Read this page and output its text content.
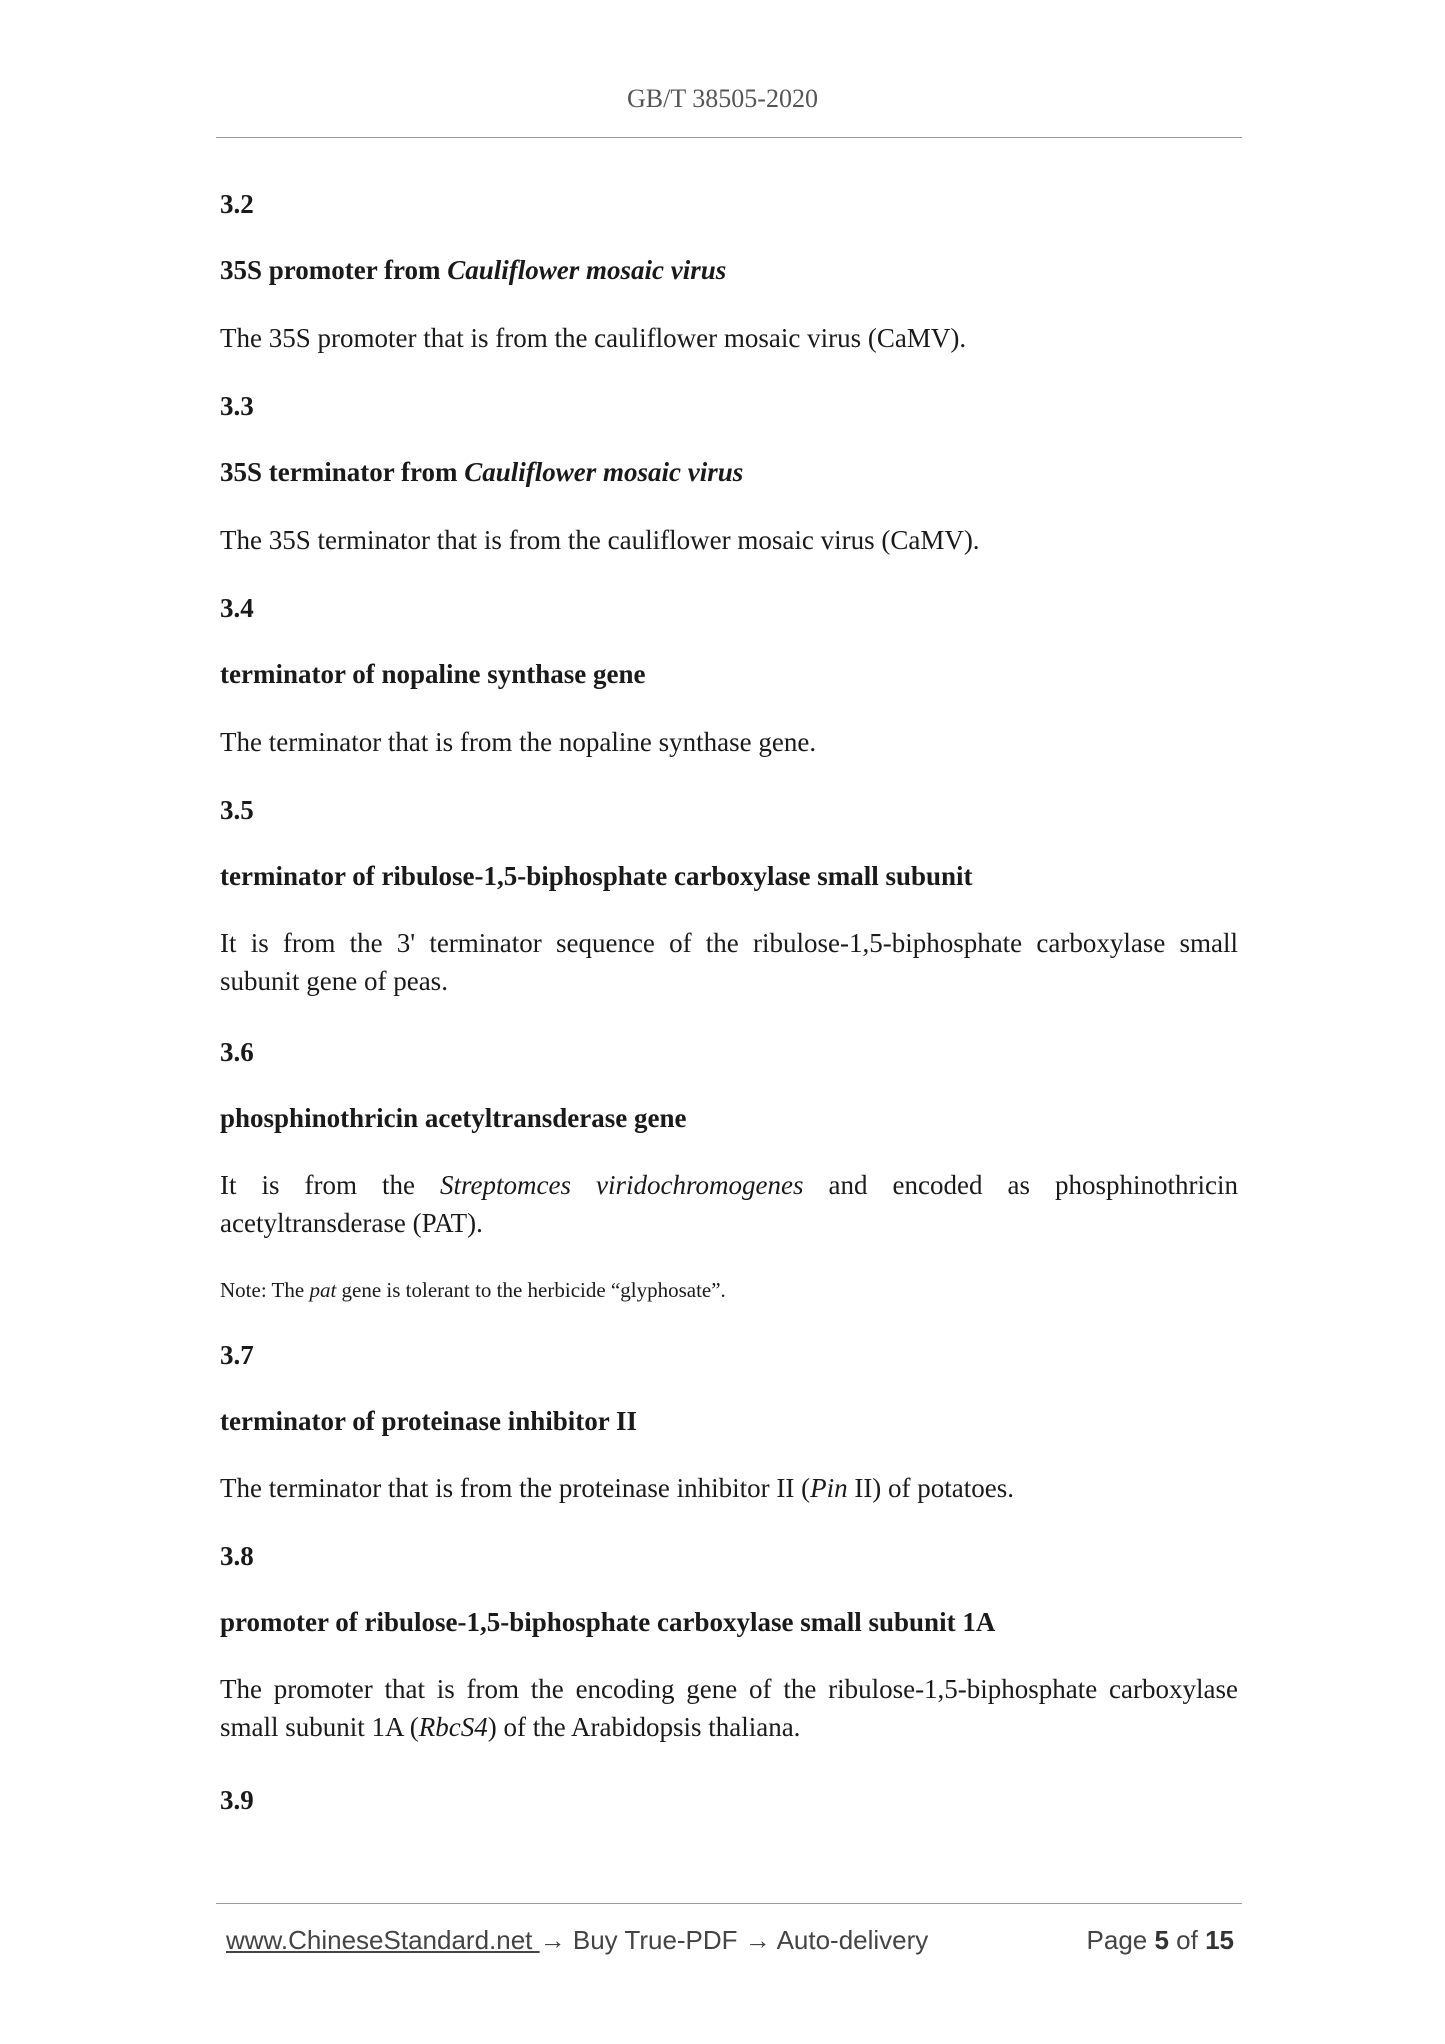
GB/T 38505-2020
3.2
35S promoter from Cauliflower mosaic virus
The 35S promoter that is from the cauliflower mosaic virus (CaMV).
3.3
35S terminator from Cauliflower mosaic virus
The 35S terminator that is from the cauliflower mosaic virus (CaMV).
3.4
terminator of nopaline synthase gene
The terminator that is from the nopaline synthase gene.
3.5
terminator of ribulose-1,5-biphosphate carboxylase small subunit
It is from the 3' terminator sequence of the ribulose-1,5-biphosphate carboxylase small subunit gene of peas.
3.6
phosphinothricin acetyltransderase gene
It is from the Streptomces viridochromogenes and encoded as phosphinothricin acetyltransderase (PAT).
Note: The pat gene is tolerant to the herbicide “glyphosate”.
3.7
terminator of proteinase inhibitor II
The terminator that is from the proteinase inhibitor II (Pin II) of potatoes.
3.8
promoter of ribulose-1,5-biphosphate carboxylase small subunit 1A
The promoter that is from the encoding gene of the ribulose-1,5-biphosphate carboxylase small subunit 1A (RbcS4) of the Arabidopsis thaliana.
3.9
www.ChineseStandard.net → Buy True-PDF → Auto-delivery	Page 5 of 15
